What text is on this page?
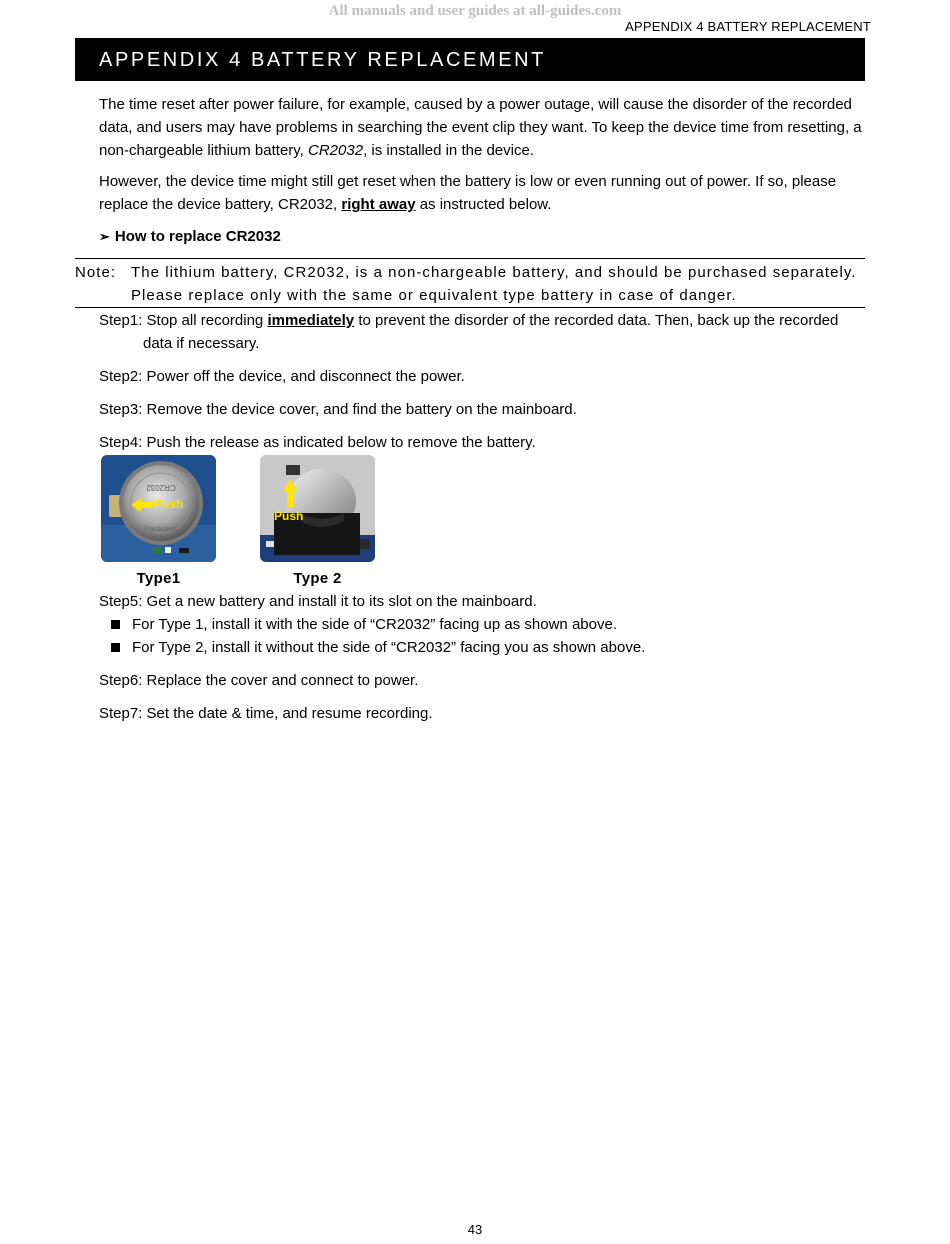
All manuals and user guides at all-guides.com
APPENDIX 4 BATTERY REPLACEMENT
APPENDIX 4 BATTERY REPLACEMENT

The time reset after power failure, for example, caused by a power outage, will cause the disorder of the recorded data, and users may have problems in searching the event clip they want. To keep the device time from resetting, a non-chargeable lithium battery, CR2032, is installed in the device.

However, the device time might still get reset when the battery is low or even running out of power. If so, please replace the device battery, CR2032, right away as instructed below.

➢ How to replace CR2032

Note: The lithium battery, CR2032, is a non-chargeable battery, and should be purchased separately.
Please replace only with the same or equivalent type battery in case of danger.

Step1: Stop all recording immediately to prevent the disorder of the recorded data. Then, back up the recorded data if necessary.

Step2: Power off the device, and disconnect the power.

Step3: Remove the device cover, and find the battery on the mainboard.

Step4: Push the release as indicated below to remove the battery.

CR2032
Panasonic
Push
Push
Type1	Type 2

Step5: Get a new battery and install it to its slot on the mainboard.

For Type 1, install it with the side of “CR2032” facing up as shown above.
For Type 2, install it without the side of “CR2032” facing you as shown above.

Step6: Replace the cover and connect to power.

Step7: Set the date & time, and resume recording.

43
